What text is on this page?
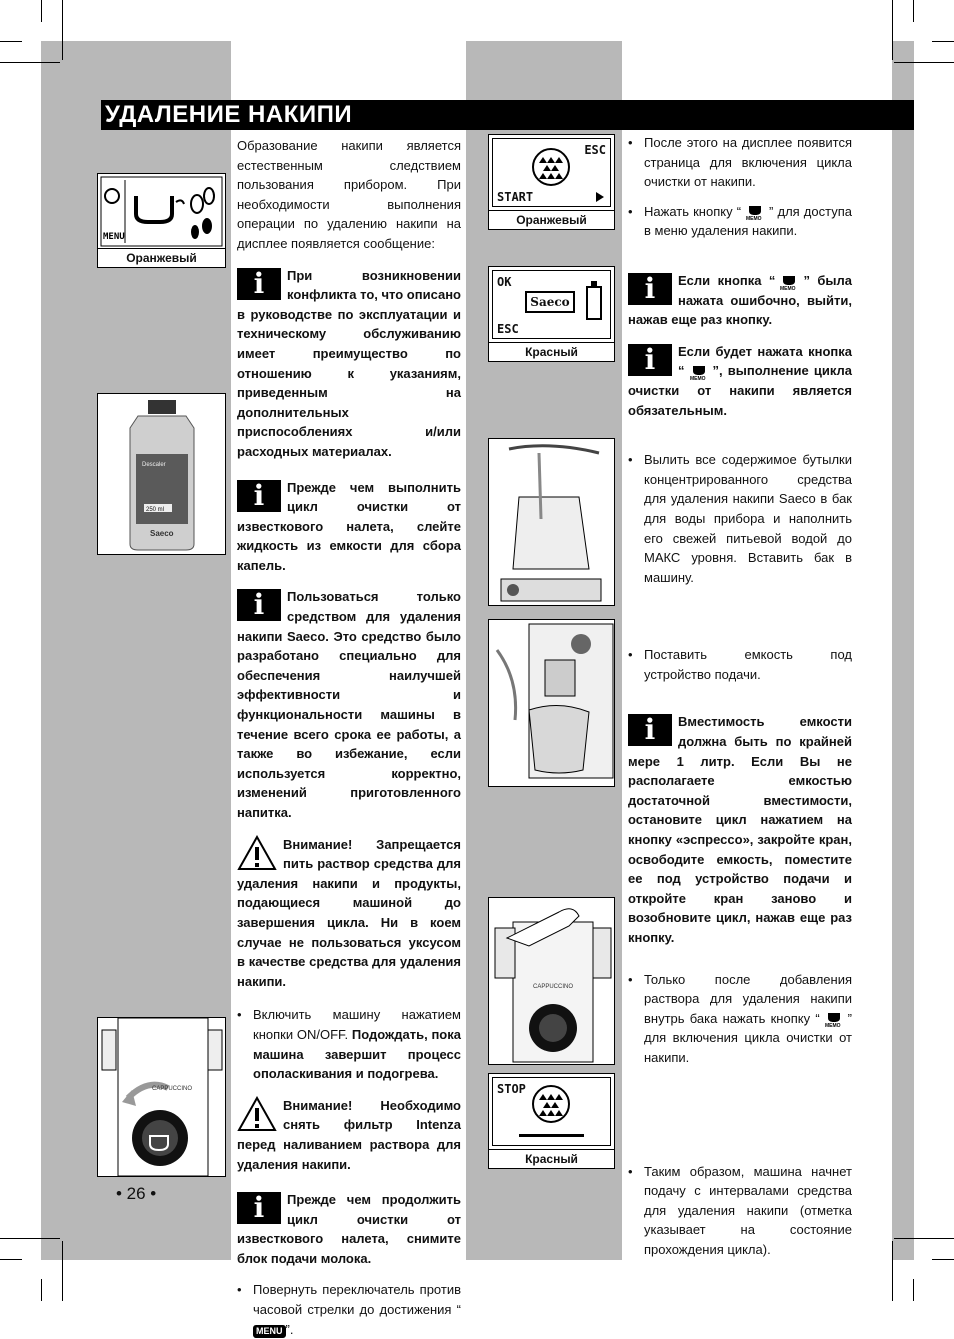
УДАЛЕНИЕ НАКИПИ
MENU
Оранжевый
Descaler
250 ml
Saeco
CAPPUCCINO
• 26 •

Образование накипи является естественным следствием пользования прибором. При необходимости выполнения операции по удалению накипи на дисплее появляется сообщение:

i	При возникновении конфликта то, что описано в руководстве по эксплуатации и техническому обслуживанию имеет преимущество по отношению к указаниям, приведенным на дополнительных приспособлениях и/или расходных материалах.
i	Прежде чем выполнить цикл очистки от известкового налета, слейте жидкость из емкости для сбора капель.
i	Пользоваться только средством для удаления накипи Saeco. Это средство было разработано специально для обеспечения наилучшей эффективности и функциональности машины в течение всего срока ее работы, а также во избежание, если используется корректно, изменений приготовленного напитка.
Внимание! Запрещается пить раствор средства для удаления накипи и продукты, подающиеся машиной до завершения цикла. Ни в коем случае не пользоваться уксусом в качестве средства для удаления накипи.
• Включить машину нажатием кнопки ON/OFF. Подождать, пока машина завершит процесс ополаскивания и подогрева.
Внимание! Необходимо снять фильтр Intenza перед наливанием раствора для удаления накипи.
i	Прежде чем продолжить цикл очистки от известкового налета, снимите блок подачи молока.
• Повернуть переключатель против часовой стрелки до достижения “MENU ”.
ESC
START
Оранжевый
OK
ESC
Saeco
Красный
CAPPUCCINO
STOP
Красный
• После этого на дисплее появится страница для включения цикла очистки от накипи.
• Нажать кнопку “
MEMO
” для доступа в меню удаления накипи.
i	Если кнопка “
MEMO
” была нажата ошибочно, выйти, нажав еще раз кнопку.
i	Если будет нажата кнопка “
MEMO
”, выполнение цикла очистки от накипи является обязательным.
• Вылить все содержимое бутылки концентрированного средства для удаления накипи Saeco в бак для воды прибора и наполнить его свежей питьевой водой до МАКС уровня. Вставить бак в машину.
• Поставить емкость под устройство подачи.
i	Вместимость емкости должна быть по крайней мере 1 литр. Если Вы не располагаете емкостью достаточной вместимости, остановите цикл нажатием на кнопку «эспрессо», закройте кран, освободите емкость, поместите ее под устройство подачи и откройте кран заново и возобновите цикл, нажав еще раз кнопку.
• Только после добавления раствора для удаления накипи внутрь бака нажать кнопку “
MEMO
” для включения цикла очистки от накипи.
• Таким образом, машина начнет подачу с интервалами средства для удаления накипи (отметка указывает на состояние прохождения цикла).
